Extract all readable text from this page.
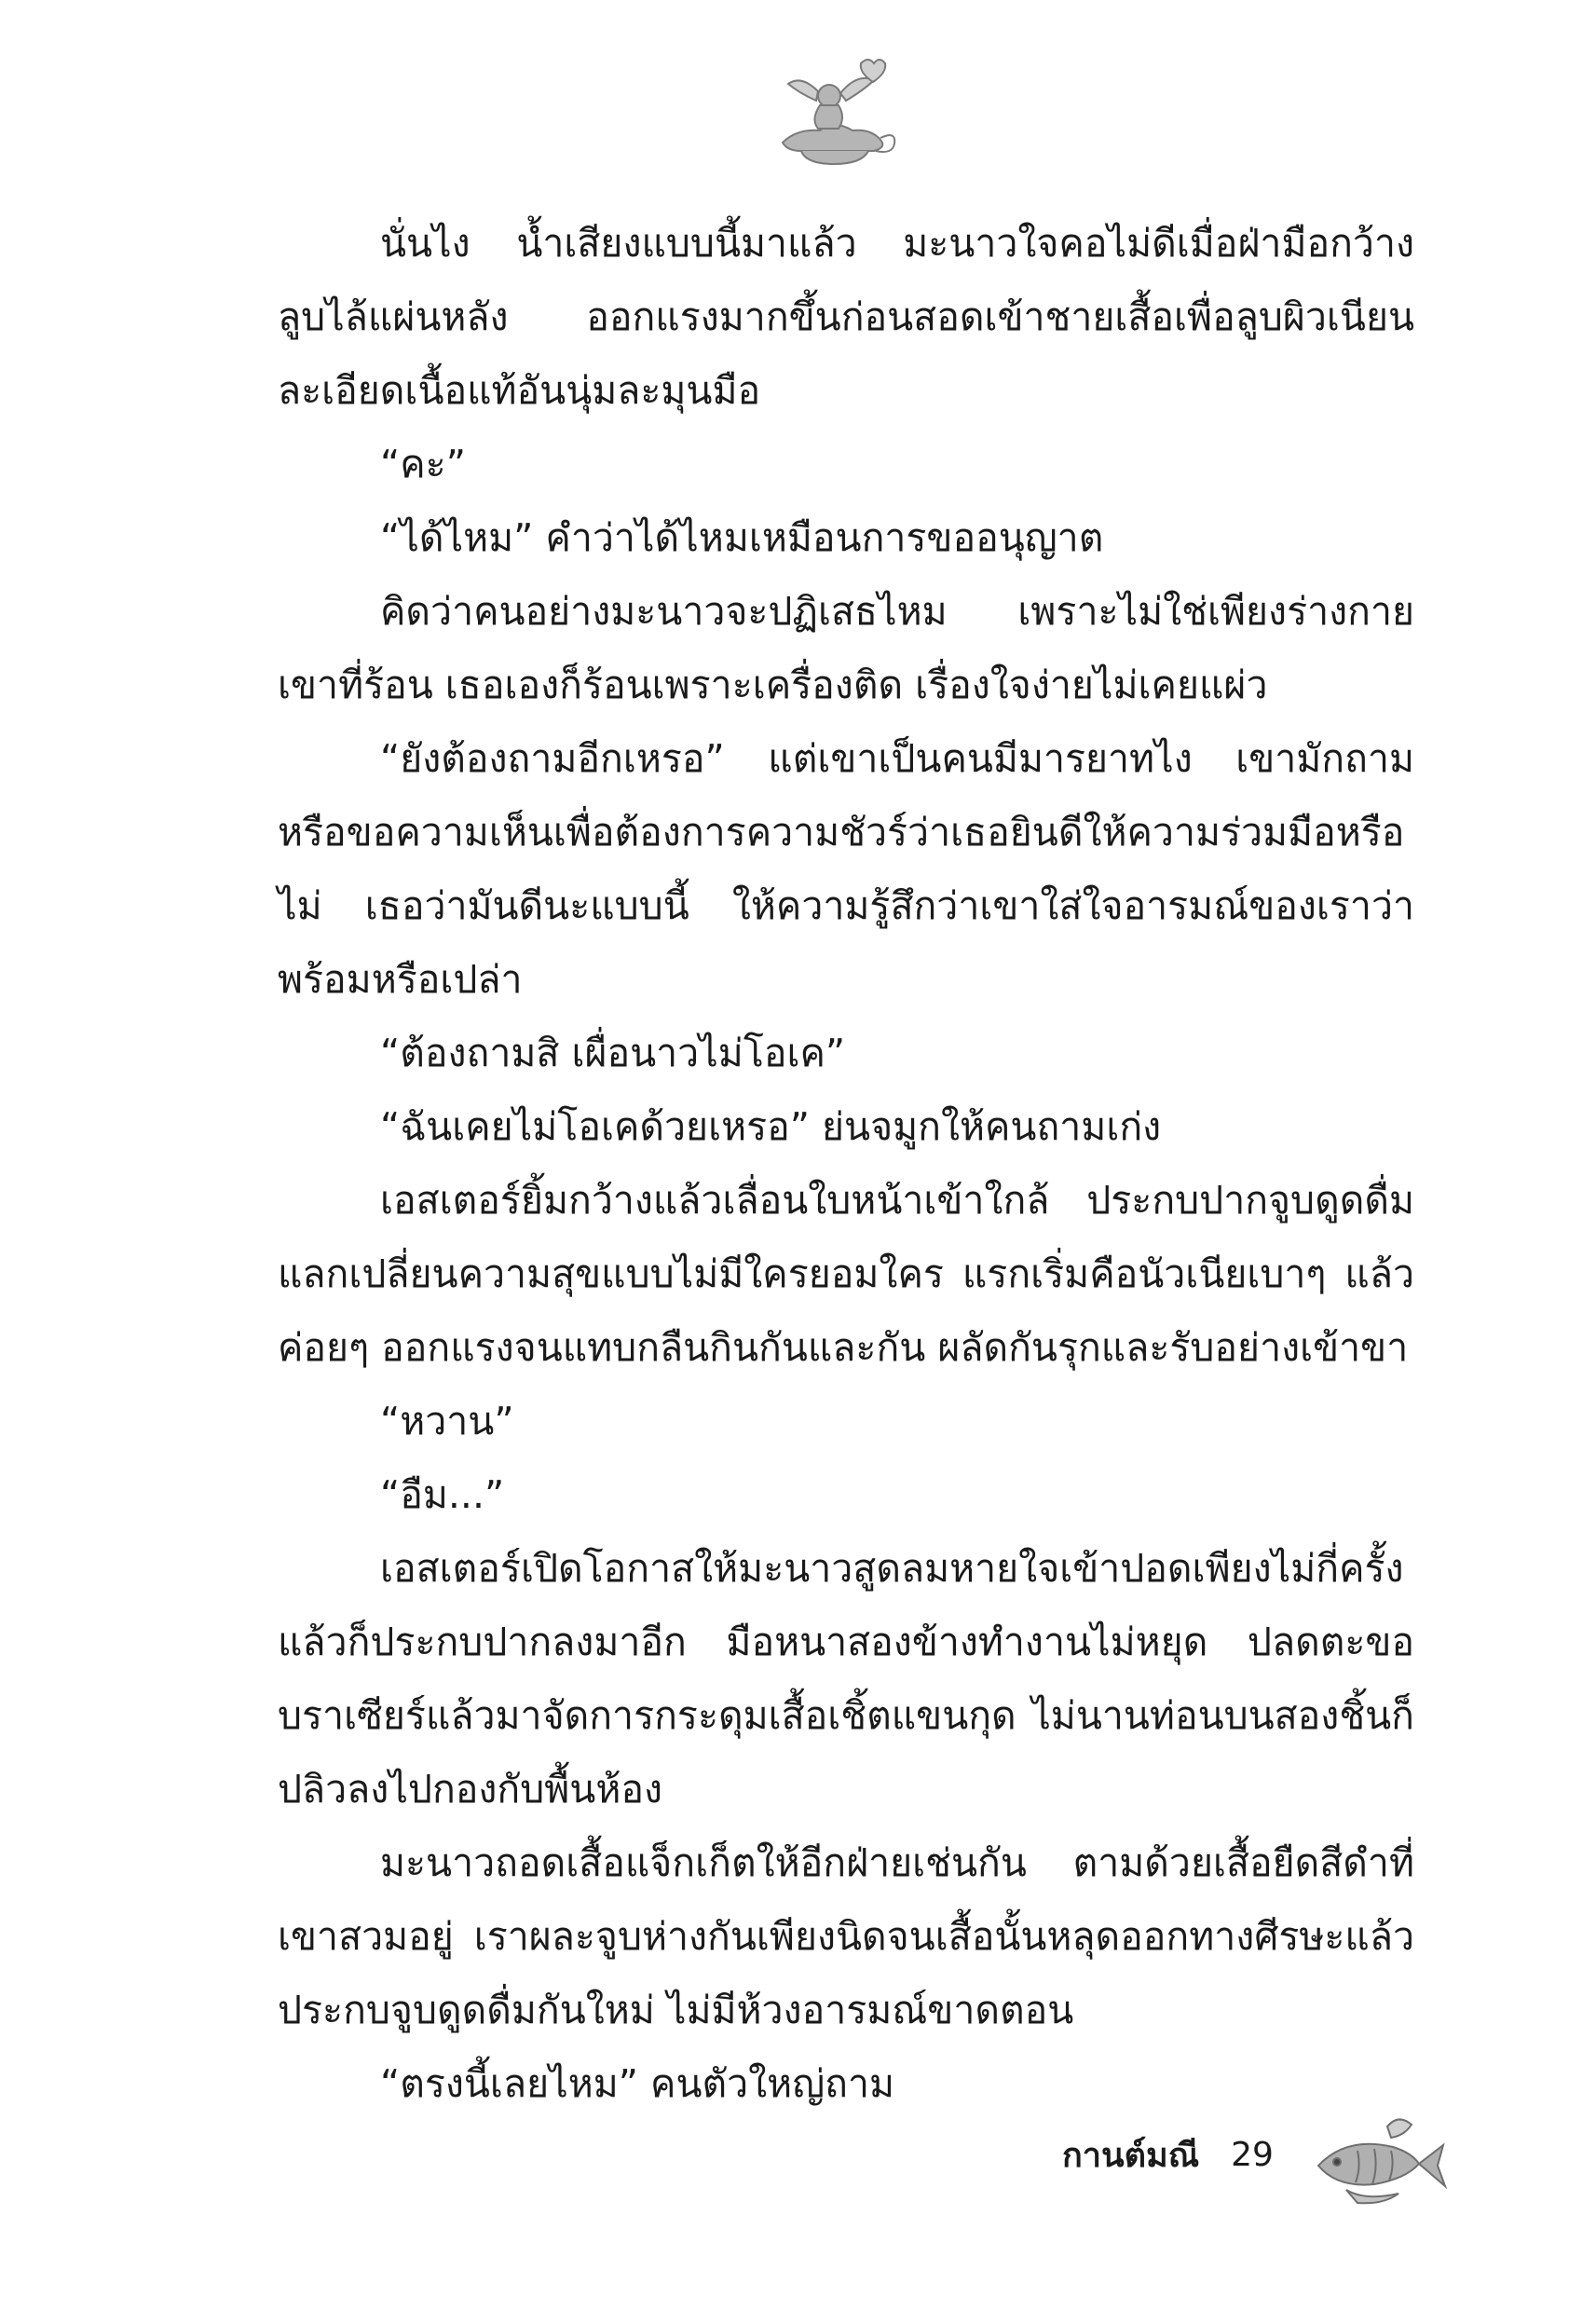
นั่นไง น้ำเสียงแบบนี้มาแล้ว มะนาวใจคอไม่ดีเมื่อฝ่ามือกว้างลูบไล้แผ่นหลัง ออกแรงมากขึ้นก่อนสอดเข้าชายเสื้อเพื่อลูบผิวเนียนละเอียดเนื้อแท้อันนุ่มละมุนมือ

“คะ”

“ได้ไหม” คำว่าได้ไหมเหมือนการขออนุญาต

คิดว่าคนอย่างมะนาวจะปฏิเสธไหม เพราะไม่ใช่เพียงร่างกายเขาที่ร้อน เธอเองก็ร้อนเพราะเครื่องติด เรื่องใจง่ายไม่เคยแผ่ว

“ยังต้องถามอีกเหรอ” แต่เขาเป็นคนมีมารยาทไง เขามักถามหรือขอความเห็นเพื่อต้องการความชัวร์ว่าเธอยินดีให้ความร่วมมือหรือไม่ เธอว่ามันดีนะแบบนี้ ให้ความรู้สึกว่าเขาใส่ใจอารมณ์ของเราว่าพร้อมหรือเปล่า

“ต้องถามสิ เผื่อนาวไม่โอเค”

“ฉันเคยไม่โอเคด้วยเหรอ” ย่นจมูกให้คนถามเก่ง

เอสเตอร์ยิ้มกว้างแล้วเลื่อนใบหน้าเข้าใกล้ ประกบปากจูบดูดดื่มแลกเปลี่ยนความสุขแบบไม่มีใครยอมใคร แรกเริ่มคือนัวเนียเบาๆ แล้วค่อยๆ ออกแรงจนแทบกลืนกินกันและกัน ผลัดกันรุกและรับอย่างเข้าขา

“หวาน”

“อืม...”

เอสเตอร์เปิดโอกาสให้มะนาวสูดลมหายใจเข้าปอดเพียงไม่กี่ครั้งแล้วก็ประกบปากลงมาอีก มือหนาสองข้างทำงานไม่หยุด ปลดตะขอบราเซียร์แล้วมาจัดการกระดุมเสื้อเชิ้ตแขนกุด ไม่นานท่อนบนสองชิ้นก็ปลิวลงไปกองกับพื้นห้อง

มะนาวถอดเสื้อแจ็กเก็ตให้อีกฝ่ายเช่นกัน ตามด้วยเสื้อยืดสีดำที่เขาสวมอยู่ เราผละจูบห่างกันเพียงนิดจนเสื้อนั้นหลุดออกทางศีรษะแล้วประกบจูบดูดดื่มกันใหม่ ไม่มีห้วงอารมณ์ขาดตอน

“ตรงนี้เลยไหม” คนตัวใหญ่ถาม

กานต์มณี 29
